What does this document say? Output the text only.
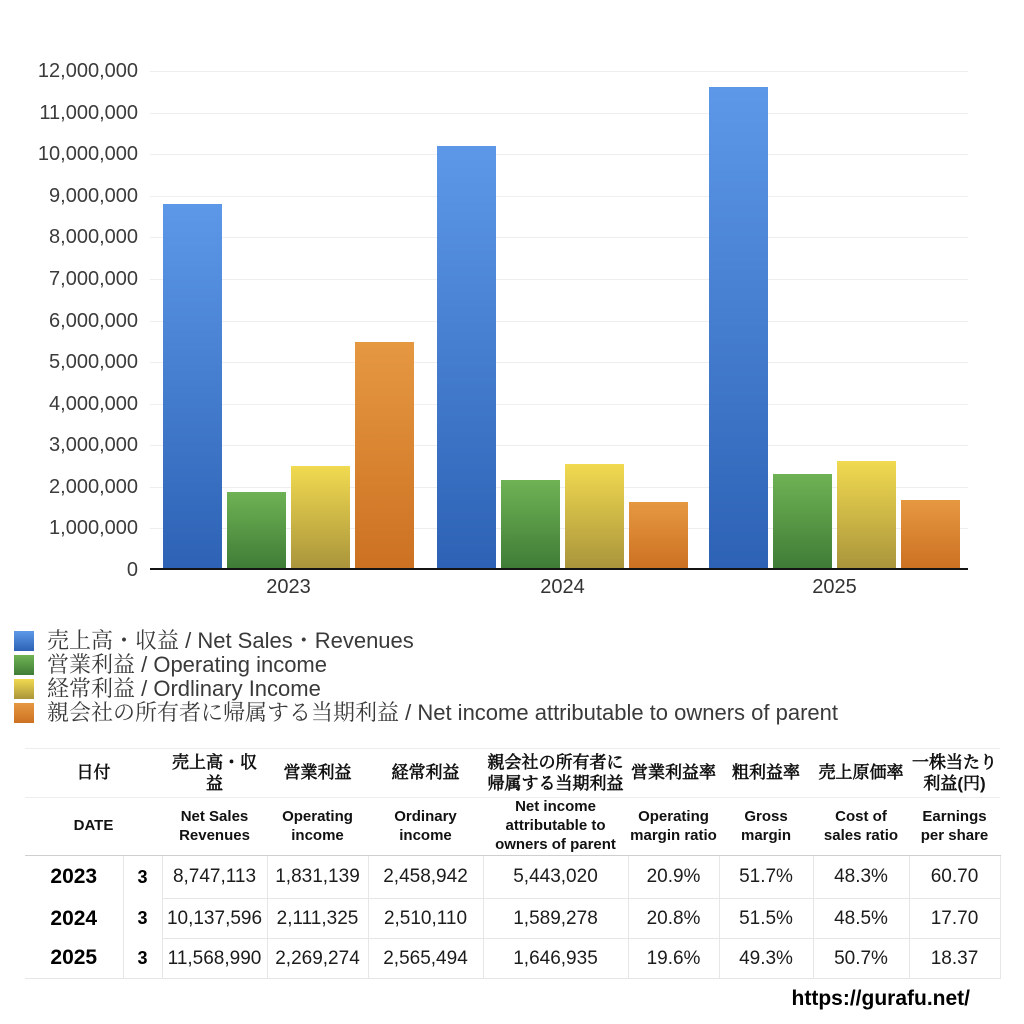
12,000,000
11,000,000
10,000,000
9,000,000
8,000,000
7,000,000
6,000,000
5,000,000
4,000,000
3,000,000
2,000,000
1,000,000
0
2023	2024	2025
売上高・収益 / Net Sales・Revenues
営業利益 / Operating income
経常利益 / Ordlinary Income
親会社の所有者に帰属する当期利益 / Net income attributable to owners of parent
日付		売上高・収益	営業利益	経常利益	親会社の所有者に帰属する当期利益	営業利益率	粗利益率	売上原価率	一株当たり利益(円)
DATE		Net Sales Revenues	Operating income	Ordinary income	Net income attributable to owners of parent	Operating margin ratio	Gross margin	Cost of sales ratio	Earnings per share
2023	3	8,747,113	1,831,139	2,458,942	5,443,020	20.9%	51.7%	48.3%	60.70
2024	3	10,137,596	2,111,325	2,510,110	1,589,278	20.8%	51.5%	48.5%	17.70
2025	3	11,568,990	2,269,274	2,565,494	1,646,935	19.6%	49.3%	50.7%	18.37
https://gurafu.net/
